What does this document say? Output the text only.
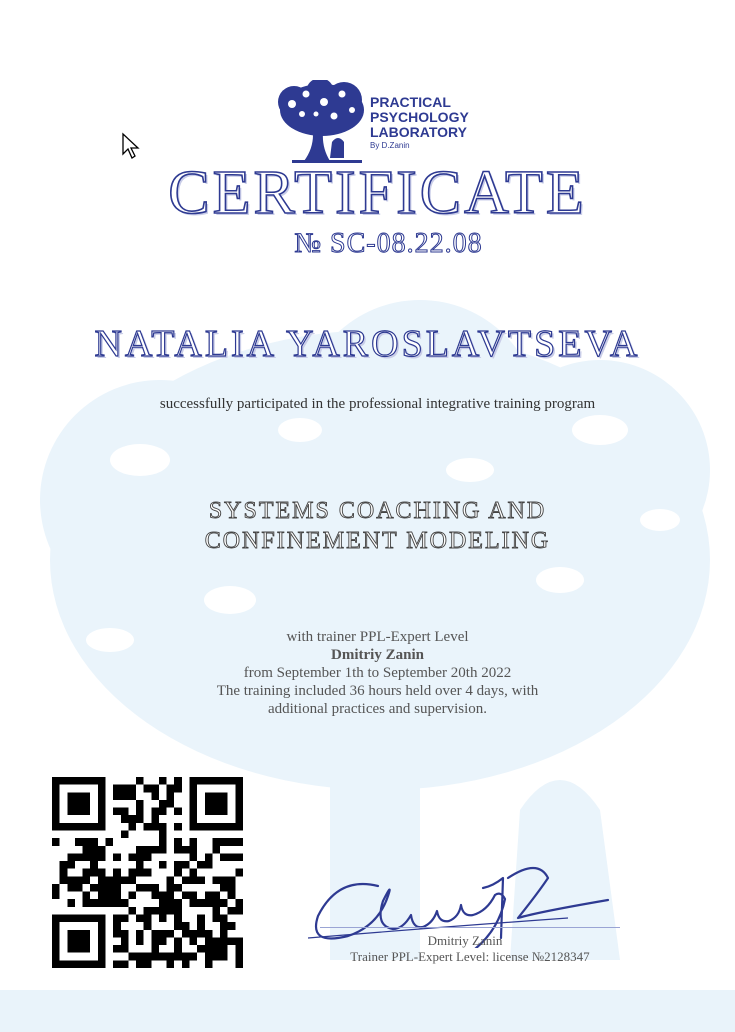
PRACTICAL
PSYCHOLOGY
LABORATORY
By D.Zanin
CERTIFICATE
№ SC-08.22.08
NATALIA YAROSLAVTSEVA
successfully participated in the professional integrative training program
SYSTEMS COACHING AND
CONFINEMENT MODELING
with trainer PPL-Expert Level
Dmitriy Zanin
from September 1th to September 20th 2022
The training included 36 hours held over 4 days, with
additional practices and supervision.
Dmitriy Zanin
Trainer PPL-Expert Level: license №2128347
